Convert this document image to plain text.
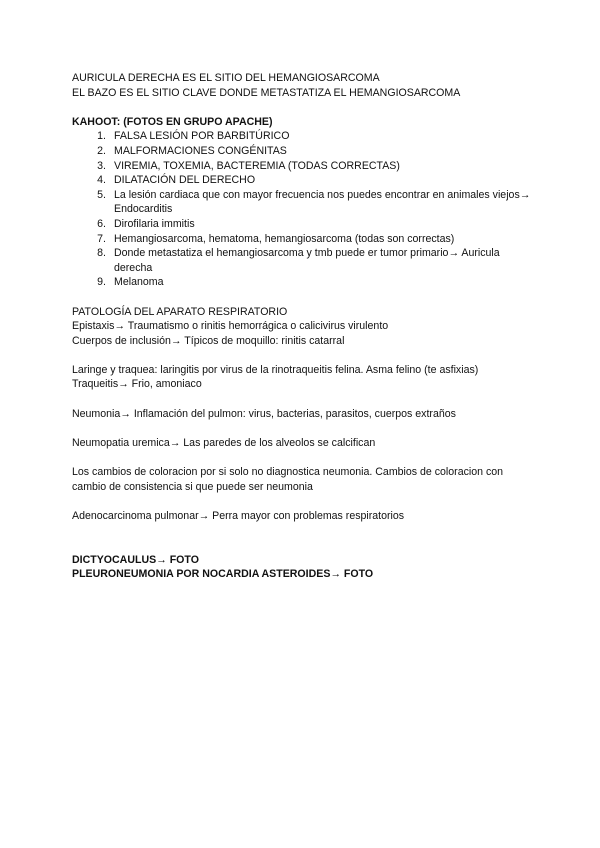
AURICULA DERECHA ES EL SITIO DEL HEMANGIOSARCOMA

EL BAZO ES EL SITIO CLAVE DONDE METASTATIZA EL HEMANGIOSARCOMA

KAHOOT: (FOTOS EN GRUPO APACHE)

1. FALSA LESIÓN POR BARBITÚRICO
2. MALFORMACIONES CONGÉNITAS
3. VIREMIA, TOXEMIA, BACTEREMIA (TODAS CORRECTAS)
4. DILATACIÓN DEL DERECHO
5. La lesión cardiaca que con mayor frecuencia nos puedes encontrar en animales viejos→ Endocarditis
6. Dirofilaria immitis
7. Hemangiosarcoma, hematoma, hemangiosarcoma (todas son correctas)
8. Donde metastatiza el hemangiosarcoma y tmb puede er tumor primario→ Auricula derecha
9. Melanoma

PATOLOGÍA DEL APARATO RESPIRATORIO

Epistaxis→ Traumatismo o rinitis hemorrágica o calicivirus virulento

Cuerpos de inclusión→ Típicos de moquillo: rinitis catarral

Laringe y traquea: laringitis por virus de la rinotraqueitis felina. Asma felino (te asfixias)

Traqueitis→ Frio, amoniaco

Neumonia→ Inflamación del pulmon: virus, bacterias, parasitos, cuerpos extraños

Neumopatia uremica→ Las paredes de los alveolos se calcifican

Los cambios de coloracion por si solo no diagnostica neumonia. Cambios de coloracion con cambio de consistencia si que puede ser neumonia

Adenocarcinoma pulmonar→ Perra mayor con problemas respiratorios

DICTYOCAULUS→ FOTO

PLEURONEUMONIA POR NOCARDIA ASTEROIDES→ FOTO
